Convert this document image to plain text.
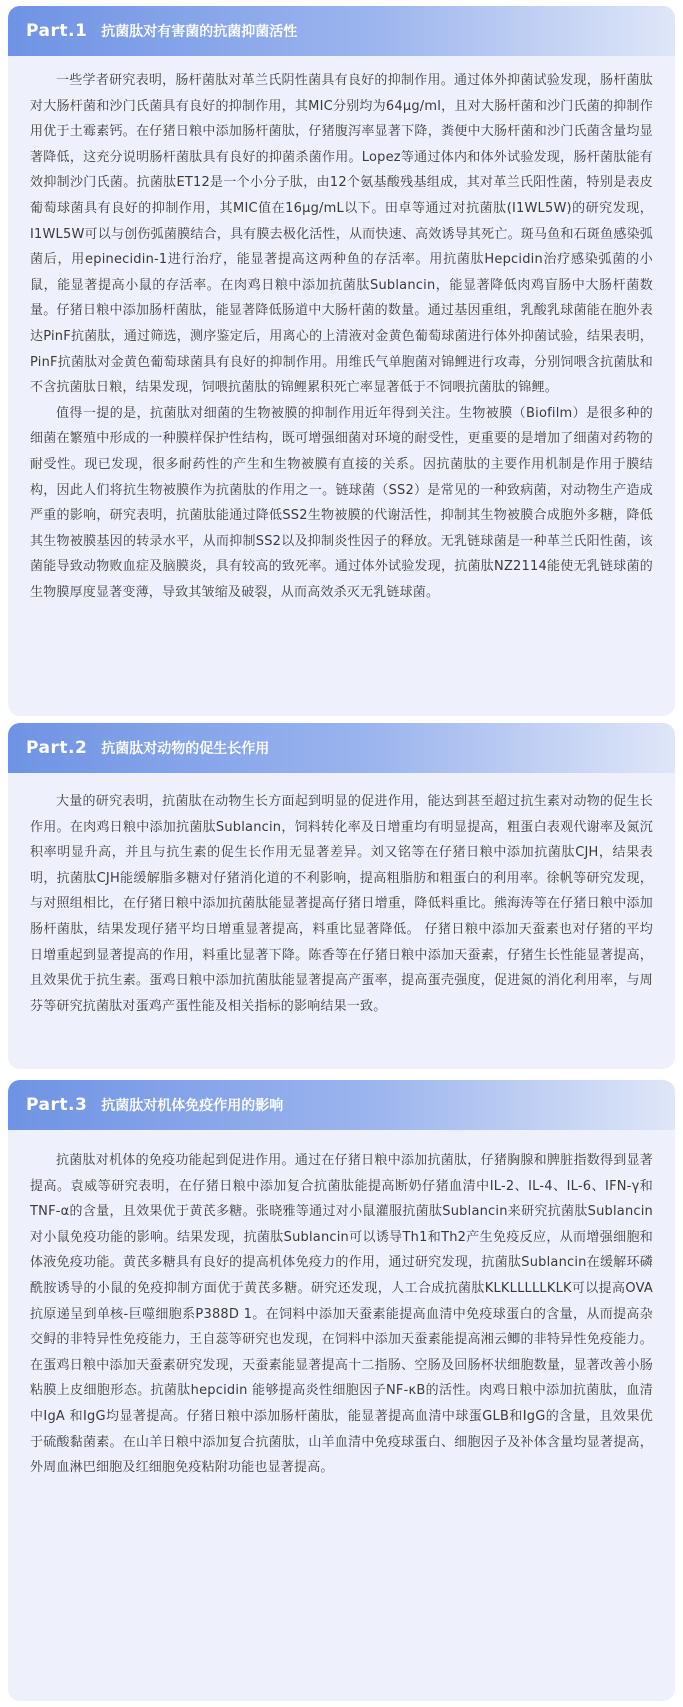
Part.1 抗菌肽对有害菌的抗菌抑菌活性

一些学者研究表明，肠杆菌肽对革兰氏阴性菌具有良好的抑制作用。通过体外抑菌试验发现，肠杆菌肽对大肠杆菌和沙门氏菌具有良好的抑制作用，其MIC分别均为64μg/ml，且对大肠杆菌和沙门氏菌的抑制作用优于土霉素钙。在仔猪日粮中添加肠杆菌肽，仔猪腹泻率显著下降，粪便中大肠杆菌和沙门氏菌含量均显著降低，这充分说明肠杆菌肽具有良好的抑菌杀菌作用。Lopez等通过体内和体外试验发现，肠杆菌肽能有效抑制沙门氏菌。抗菌肽ET12是一个小分子肽，由12个氨基酸残基组成，其对革兰氏阳性菌，特别是表皮葡萄球菌具有良好的抑制作用，其MIC值在16μg/mL以下。田卓等通过对抗菌肽(I1WL5W)的研究发现，I1WL5W可以与创伤弧菌膜结合，具有膜去极化活性，从而快速、高效诱导其死亡。斑马鱼和石斑鱼感染弧菌后，用epinecidin-1进行治疗，能显著提高这两种鱼的存活率。用抗菌肽Hepcidin治疗感染弧菌的小鼠，能显著提高小鼠的存活率。在肉鸡日粮中添加抗菌肽Sublancin，能显著降低肉鸡盲肠中大肠杆菌数量。仔猪日粮中添加肠杆菌肽，能显著降低肠道中大肠杆菌的数量。通过基因重组，乳酸乳球菌能在胞外表达PinF抗菌肽，通过筛选，测序鉴定后，用离心的上清液对金黄色葡萄球菌进行体外抑菌试验，结果表明，PinF抗菌肽对金黄色葡萄球菌具有良好的抑制作用。用维氏气单胞菌对锦鲤进行攻毒，分别饲喂含抗菌肽和不含抗菌肽日粮，结果发现，饲喂抗菌肽的锦鲤累积死亡率显著低于不饲喂抗菌肽的锦鲤。

值得一提的是，抗菌肽对细菌的生物被膜的抑制作用近年得到关注。生物被膜（Biofilm）是很多种的细菌在繁殖中形成的一种膜样保护性结构，既可增强细菌对环境的耐受性，更重要的是增加了细菌对药物的耐受性。现已发现，很多耐药性的产生和生物被膜有直接的关系。因抗菌肽的主要作用机制是作用于膜结构，因此人们将抗生物被膜作为抗菌肽的作用之一。链球菌（SS2）是常见的一种致病菌，对动物生产造成严重的影响，研究表明，抗菌肽能通过降低SS2生物被膜的代谢活性，抑制其生物被膜合成胞外多糖，降低其生物被膜基因的转录水平，从而抑制SS2以及抑制炎性因子的释放。无乳链球菌是一种革兰氏阳性菌，该菌能导致动物败血症及脑膜炎，具有较高的致死率。通过体外试验发现，抗菌肽NZ2114能使无乳链球菌的生物膜厚度显著变薄，导致其皱缩及破裂，从而高效杀灭无乳链球菌。

Part.2 抗菌肽对动物的促生长作用

大量的研究表明，抗菌肽在动物生长方面起到明显的促进作用，能达到甚至超过抗生素对动物的促生长作用。在肉鸡日粮中添加抗菌肽Sublancin，饲料转化率及日增重均有明显提高，粗蛋白表观代谢率及氮沉积率明显升高，并且与抗生素的促生长作用无显著差异。刘又铭等在仔猪日粮中添加抗菌肽CJH，结果表明，抗菌肽CJH能缓解脂多糖对仔猪消化道的不利影响，提高粗脂肪和粗蛋白的利用率。徐帆等研究发现，与对照组相比，在仔猪日粮中添加抗菌肽能显著提高仔猪日增重，降低料重比。熊海涛等在仔猪日粮中添加肠杆菌肽，结果发现仔猪平均日增重显著提高，料重比显著降低。 仔猪日粮中添加天蚕素也对仔猪的平均日增重起到显著提高的作用，料重比显著下降。陈香等在仔猪日粮中添加天蚕素，仔猪生长性能显著提高，且效果优于抗生素。蛋鸡日粮中添加抗菌肽能显著提高产蛋率，提高蛋壳强度，促进氮的消化利用率，与周芬等研究抗菌肽对蛋鸡产蛋性能及相关指标的影响结果一致。

Part.3 抗菌肽对机体免疫作用的影响

抗菌肽对机体的免疫功能起到促进作用。通过在仔猪日粮中添加抗菌肽，仔猪胸腺和脾脏指数得到显著提高。袁威等研究表明，在仔猪日粮中添加复合抗菌肽能提高断奶仔猪血清中IL-2、IL-4、IL-6、IFN-γ和TNF-α的含量，且效果优于黄芪多糖。张晓雅等通过对小鼠灌服抗菌肽Sublancin来研究抗菌肽Sublancin对小鼠免疫功能的影响。结果发现，抗菌肽Sublancin可以诱导Th1和Th2产生免疫反应，从而增强细胞和体液免疫功能。黄芪多糖具有良好的提高机体免疫力的作用，通过研究发现，抗菌肽Sublancin在缓解环磷酰胺诱导的小鼠的免疫抑制方面优于黄芪多糖。研究还发现，人工合成抗菌肽KLKLLLLLKLK可以提高OVA抗原递呈到单核-巨噬细胞系P388D 1。在饲料中添加天蚕素能提高血清中免疫球蛋白的含量，从而提高杂交鲟的非特异性免疫能力，王自蕊等研究也发现，在饲料中添加天蚕素能提高湘云鲫的非特异性免疫能力。在蛋鸡日粮中添加天蚕素研究发现，天蚕素能显著提高十二指肠、空肠及回肠杯状细胞数量，显著改善小肠粘膜上皮细胞形态。抗菌肽hepcidin 能够提高炎性细胞因子NF-κB的活性。肉鸡日粮中添加抗菌肽，血清中IgA 和IgG均显著提高。仔猪日粮中添加肠杆菌肽，能显著提高血清中球蛋GLB和IgG的含量，且效果优于硫酸黏菌素。在山羊日粮中添加复合抗菌肽，山羊血清中免疫球蛋白、细胞因子及补体含量均显著提高，外周血淋巴细胞及红细胞免疫粘附功能也显著提高。
